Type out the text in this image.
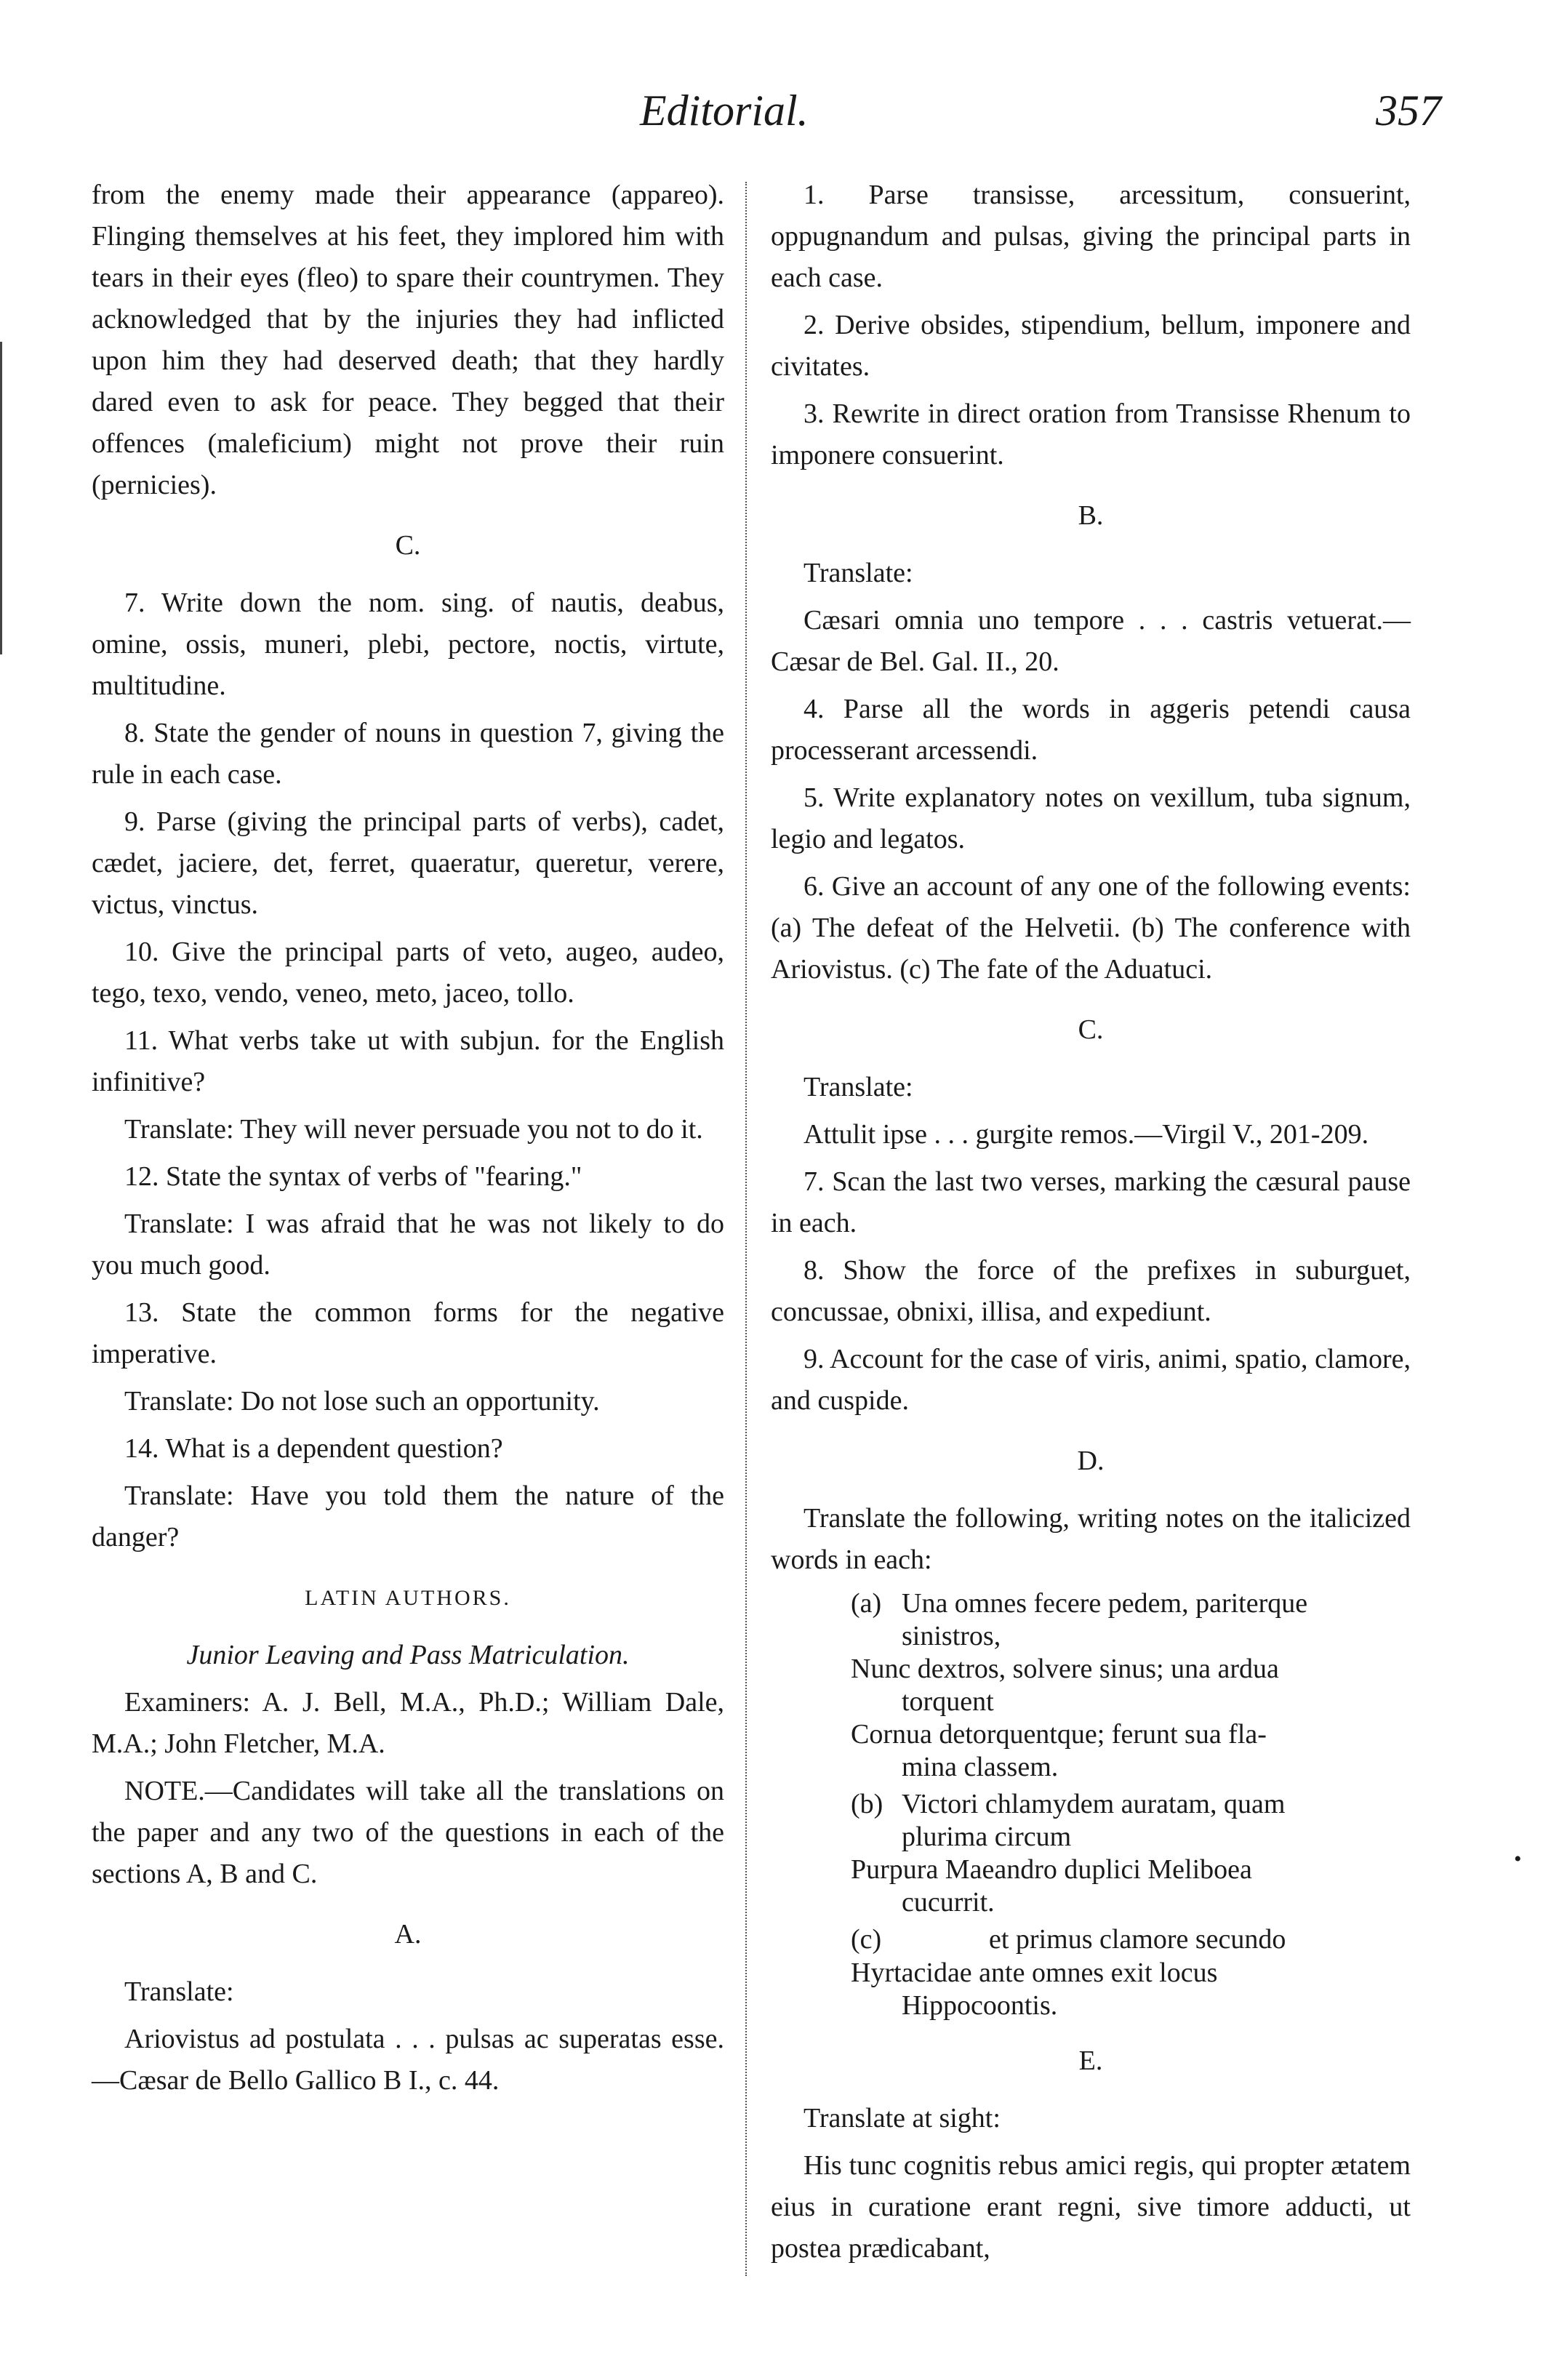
Editorial.	357
•

from the enemy made their appearance (appareo). Flinging themselves at his feet, they implored him with tears in their eyes (fleo) to spare their countrymen. They acknowledged that by the injuries they had inflicted upon him they had deserved death; that they hardly dared even to ask for peace. They begged that their offences (maleficium) might not prove their ruin (pernicies).

C.

7. Write down the nom. sing. of nautis, deabus, omine, ossis, muneri, plebi, pectore, noctis, virtute, multitudine.

8. State the gender of nouns in question 7, giving the rule in each case.

9. Parse (giving the principal parts of verbs), cadet, cædet, jaciere, det, ferret, quaeratur, queretur, verere, victus, vinctus.

10. Give the principal parts of veto, augeo, audeo, tego, texo, vendo, veneo, meto, jaceo, tollo.

11. What verbs take ut with subjun. for the English infinitive?

Translate: They will never persuade you not to do it.

12. State the syntax of verbs of "fearing."

Translate: I was afraid that he was not likely to do you much good.

13. State the common forms for the negative imperative.

Translate: Do not lose such an opportunity.

14. What is a dependent question?

Translate: Have you told them the nature of the danger?

LATIN AUTHORS.
Junior Leaving and Pass Matriculation.

Examiners: A. J. Bell, M.A., Ph.D.; William Dale, M.A.; John Fletcher, M.A.

NOTE.—Candidates will take all the translations on the paper and any two of the questions in each of the sections A, B and C.

A.

Translate:

Ariovistus ad postulata . . . pulsas ac superatas esse.—Cæsar de Bello Gallico B I., c. 44.

1. Parse transisse, arcessitum, consuerint, oppugnandum and pulsas, giving the principal parts in each case.

2. Derive obsides, stipendium, bellum, imponere and civitates.

3. Rewrite in direct oration from Transisse Rhenum to imponere consuerint.

B.

Translate:

Cæsari omnia uno tempore . . . castris vetuerat.—Cæsar de Bel. Gal. II., 20.

4. Parse all the words in aggeris petendi causa processerant arcessendi.

5. Write explanatory notes on vexillum, tuba signum, legio and legatos.

6. Give an account of any one of the following events: (a) The defeat of the Helvetii. (b) The conference with Ariovistus. (c) The fate of the Aduatuci.

C.

Translate:

Attulit ipse . . . gurgite remos.—Virgil V., 201-209.

7. Scan the last two verses, marking the cæsural pause in each.

8. Show the force of the prefixes in suburguet, concussae, obnixi, illisa, and expediunt.

9. Account for the case of viris, animi, spatio, clamore, and cuspide.

D.

Translate the following, writing notes on the italicized words in each:

(a) Una omnes fecere pedem, pariterque
sinistros,
Nunc dextros, solvere sinus; una ardua
torquent
Cornua detorquentque; ferunt sua fla-
mina classem.
(b) Victori chlamydem auratam, quam
plurima circum
Purpura Maeandro duplici Meliboea
cucurrit.
(c)	et primus clamore secundo
Hyrtacidae ante omnes exit locus
Hippocoontis.
E.

Translate at sight:

His tunc cognitis rebus amici regis, qui propter ætatem eius in curatione erant regni, sive timore adducti, ut postea prædicabant,
